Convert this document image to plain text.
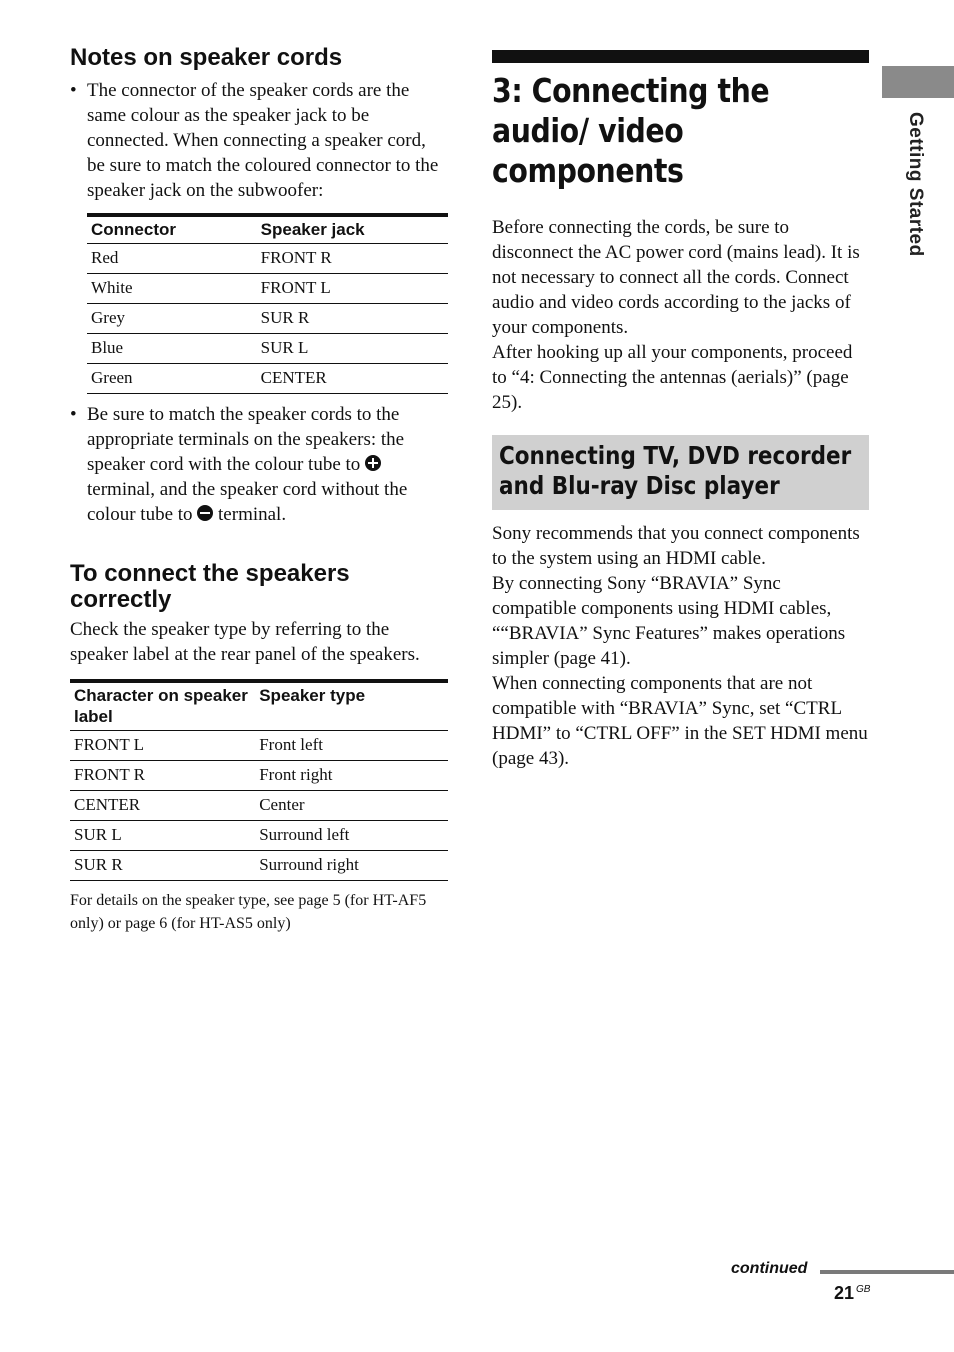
Notes on speaker cords
• The connector of the speaker cords are the same colour as the speaker jack to be connected. When connecting a speaker cord, be sure to match the coloured connector to the speaker jack on the subwoofer:
Connector	Speaker jack
Red	FRONT R
White	FRONT L
Grey	SUR R
Blue	SUR L
Green	CENTER
• Be sure to match the speaker cords to the appropriate terminals on the speakers: the speaker cord with the colour tube to  terminal, and the speaker cord without the colour tube to terminal.
To connect the speakers correctly

Check the speaker type by referring to the speaker label at the rear panel of the speakers.

Character on speaker label	Speaker type
FRONT L	Front left
FRONT R	Front right
CENTER	Center
SUR L	Surround left
SUR R	Surround right
For details on the speaker type, see page 5 (for HT-AF5 only) or page 6 (for HT-AS5 only)
3: Connecting the audio/ video components

Before connecting the cords, be sure to disconnect the AC power cord (mains lead). It is not necessary to connect all the cords. Connect audio and video cords according to the jacks of your components.

After hooking up all your components, proceed to “4: Connecting the antennas (aerials)” (page 25).

Connecting TV, DVD recorder and Blu-ray Disc player

Sony recommends that you connect components to the system using an HDMI cable.

By connecting Sony “BRAVIA” Sync compatible components using HDMI cables, ““BRAVIA” Sync Features” makes operations simpler (page 41).

When connecting components that are not compatible with “BRAVIA” Sync, set “CTRL HDMI” to “CTRL OFF” in the SET HDMI menu (page 43).

Getting Started
continued
21 GB
